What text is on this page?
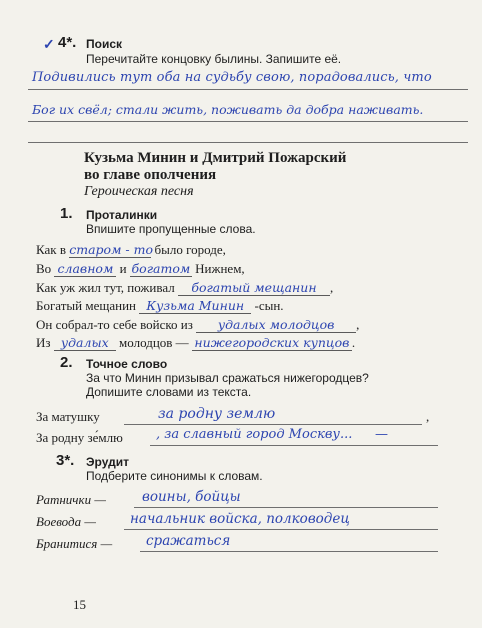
✓ 4*. Поиск
Перечитайте концовку былины. Запишите её.
Подивились тут оба на судьбу свою, порадовались, что
Бог их свёл; стали жить, поживать да добра наживать.
Кузьма Минин и Дмитрий Пожарский
во главе ополчения
Героическая песня
1. Проталинки
Впишите пропущенные слова.
Как в старом - то было городе,
Во славном и богатом Нижнем,
Как уж жил тут, поживал богатый мещанин ,
Богатый мещанин Кузьма Минин -сын.
Он собрал-то себе войско из удалых молодцов ,
Из удалых молодцов — нижегородских купцов .
2. Точное слово
За что Минин призывал сражаться нижегородцев?
Допишите словами из текста.
За матушку	за родну землю	,
За родну зе́млю	, за славный город Москву... —
3*. Эрудит
Подберите синонимы к словам.
Ратнички —	воины, бойцы
Воевода —	начальник войска, полководец
Бранитися —	сражаться
15
